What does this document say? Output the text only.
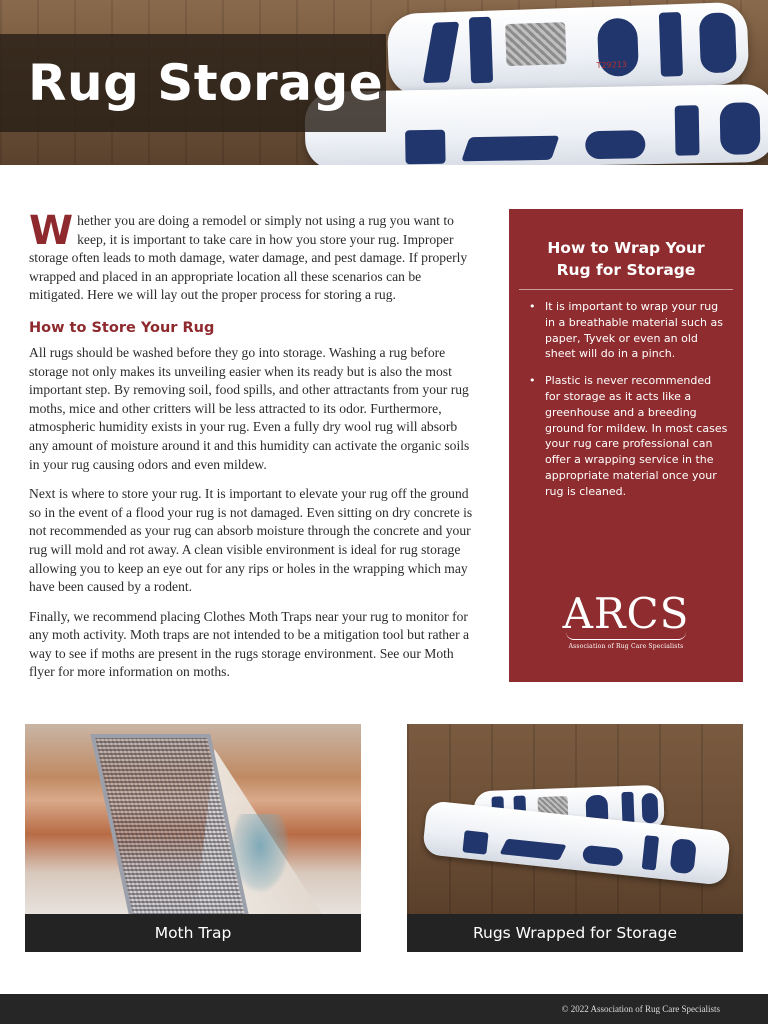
T29213
Rug Storage

Whether you are doing a remodel or simply not using a rug you want to keep, it is important to take care in how you store your rug. Improper storage often leads to moth damage, water damage, and pest damage. If properly wrapped and placed in an appropriate location all these scenarios can be mitigated. Here we will lay out the proper process for storing a rug.

How to Store Your Rug

All rugs should be washed before they go into storage. Washing a rug before storage not only makes its unveiling easier when its ready but is also the most important step. By removing soil, food spills, and other attractants from your rug moths, mice and other critters will be less attracted to its odor. Furthermore, atmospheric humidity exists in your rug. Even a fully dry wool rug will absorb any amount of moisture around it and this humidity can activate the organic soils in your rug causing odors and even mildew.

Next is where to store your rug. It is important to elevate your rug off the ground so in the event of a flood your rug is not damaged. Even sitting on dry concrete is not recommended as your rug can absorb moisture through the concrete and your rug will mold and rot away. A clean visible environment is ideal for rug storage allowing you to keep an eye out for any rips or holes in the wrapping which may have been caused by a rodent.

Finally, we recommend placing Clothes Moth Traps near your rug to monitor for any moth activity. Moth traps are not intended to be a mitigation tool but rather a way to see if moths are present in the rugs storage environment. See our Moth flyer for more information on moths.

How to Wrap Your
Rug for Storage
• It is important to wrap your rug in a breathable material such as paper, Tyvek or even an old sheet will do in a pinch.
• Plastic is never recommended for storage as it acts like a greenhouse and a breeding ground for mildew. In most cases your rug care professional can offer a wrapping service in the appropriate material once your rug is cleaned.
ARCS
Association of Rug Care Specialists
Moth Trap	Rugs Wrapped for Storage
© 2022 Association of Rug Care Specialists
